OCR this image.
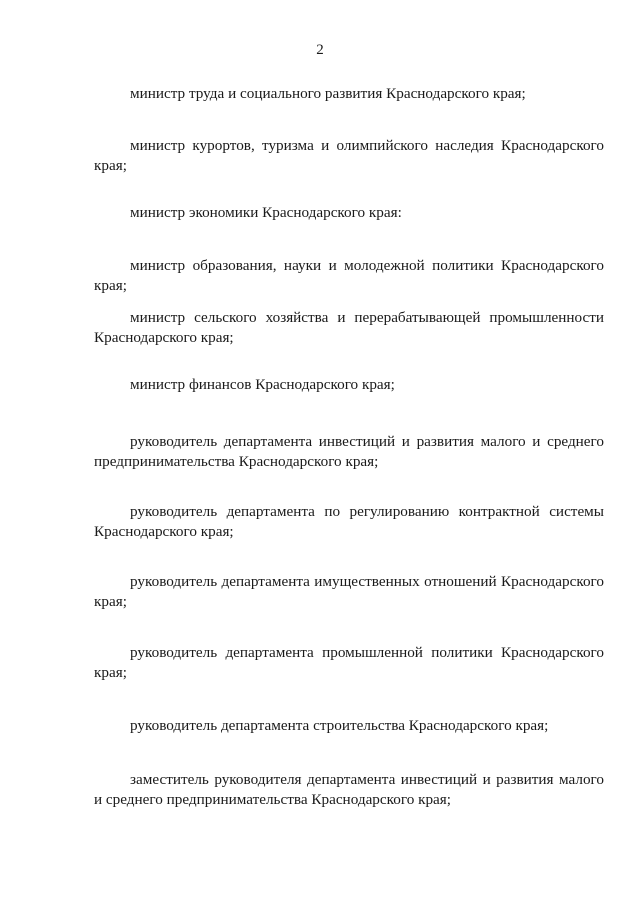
2

министр труда и социального развития Краснодарского края;

министр курортов, туризма и олимпийского наследия Краснодарского края;

министр экономики Краснодарского края:

министр образования, науки и молодежной политики Краснодарского края;

министр сельского хозяйства и перерабатывающей промышленности Краснодарского края;

министр финансов Краснодарского края;

руководитель департамента инвестиций и развития малого и среднего предпринимательства Краснодарского края;

руководитель департамента по регулированию контрактной системы Краснодарского края;

руководитель департамента имущественных отношений Краснодарского края;

руководитель департамента промышленной политики Краснодарского края;

руководитель департамента строительства Краснодарского края;

заместитель руководителя департамента инвестиций и развития малого и среднего предпринимательства Краснодарского края;
